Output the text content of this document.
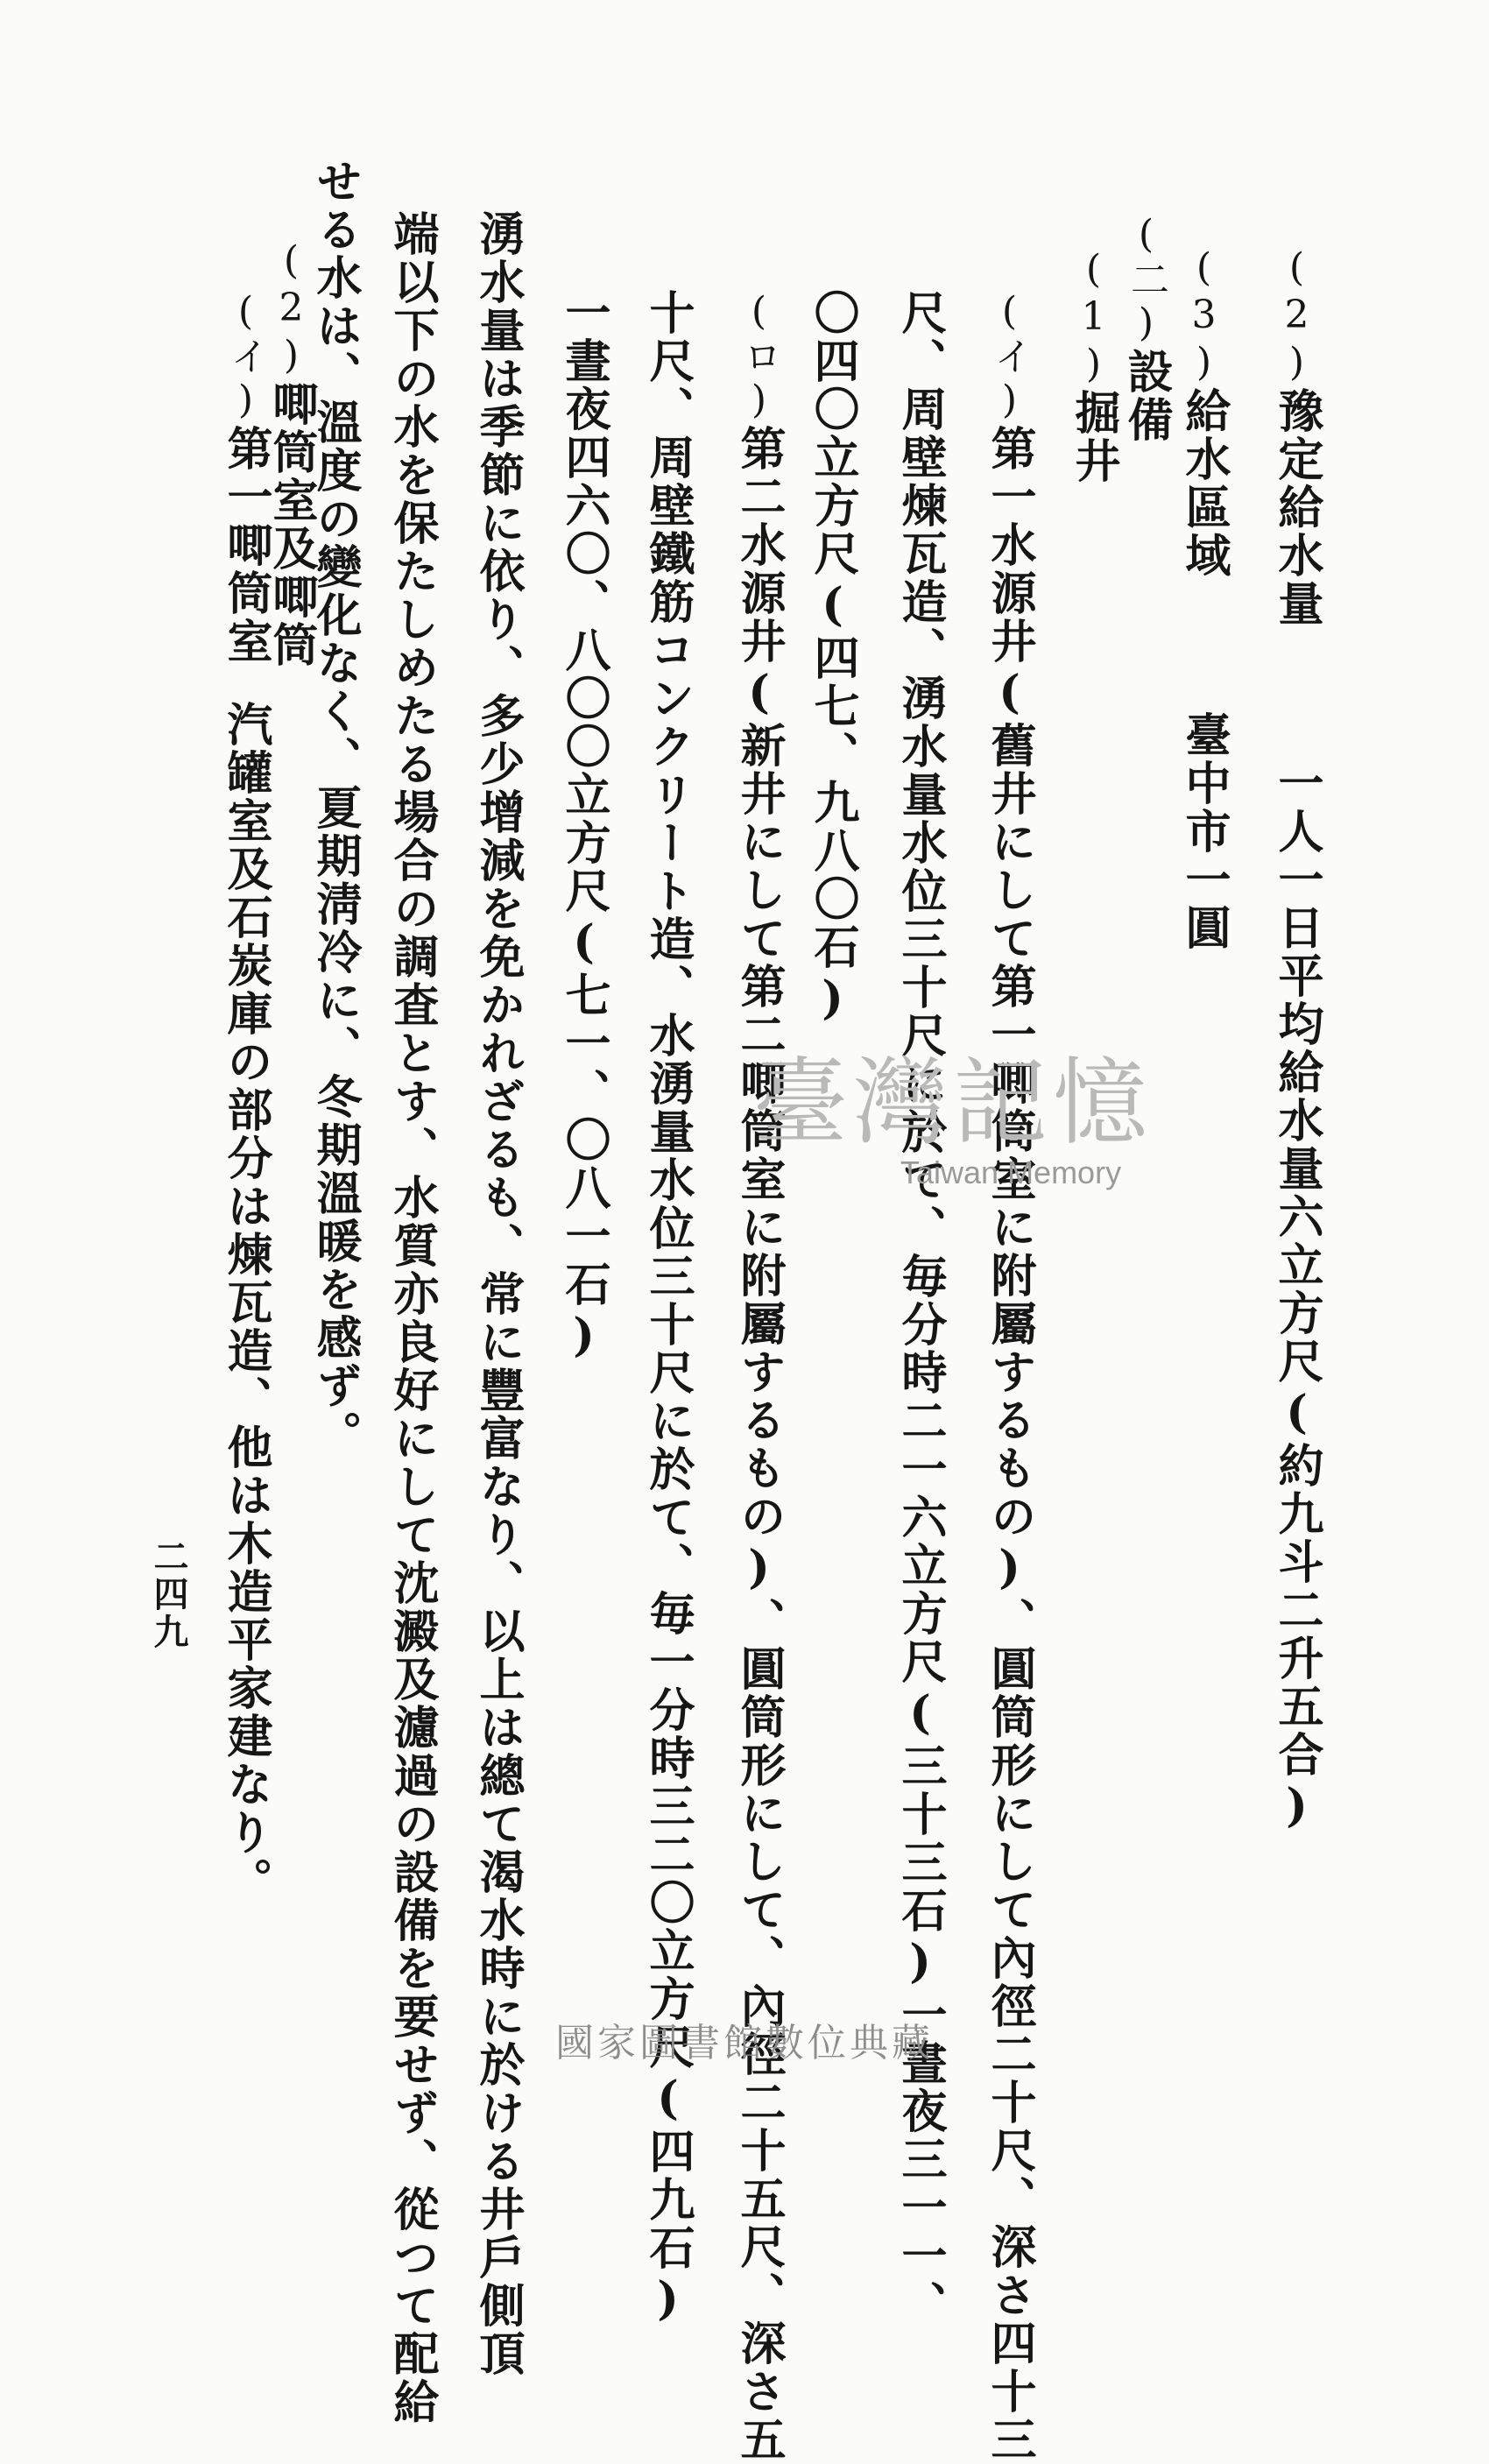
(2)豫定給水量一人一日平均給水量六立方尺(約九斗二升五合)
(3)給水區域臺中市一圓
(二)設備
(1)掘井
(イ)第一水源井(舊井にして第一唧筒室に附屬するもの)、圓筒形にして內徑二十尺、深さ四十三
尺、周壁煉瓦造、湧水量水位三十尺に於て、毎分時二一六立方尺(三十三石)一晝夜三一一、
〇四〇立方尺(四七、九八〇石)
(ロ)第二水源井(新井にして第二唧筒室に附屬するもの)、圓筒形にして、內徑二十五尺、深さ五
十尺、周壁鐵筋コンクリート造、水湧量水位三十尺に於て、毎一分時三二〇立方尺(四九石)
一晝夜四六〇、八〇〇立方尺(七一、〇八一石)
湧水量は季節に依り、多少增減を免かれざるも、常に豐富なり、以上は總て渴水時に於ける井戶側頂
端以下の水を保たしめたる場合の調査とす、水質亦良好にして沈澱及濾過の設備を要せず、從つて配給
せる水は、溫度の變化なく、夏期淸冷に、冬期溫暖を感ず。
(2)唧筒室及唧筒
(イ)第一唧筒室汽罐室及石炭庫の部分は煉瓦造、他は木造平家建なり。
二四九
臺灣記憶
Taiwan Memory
國家圖書館數位典藏
